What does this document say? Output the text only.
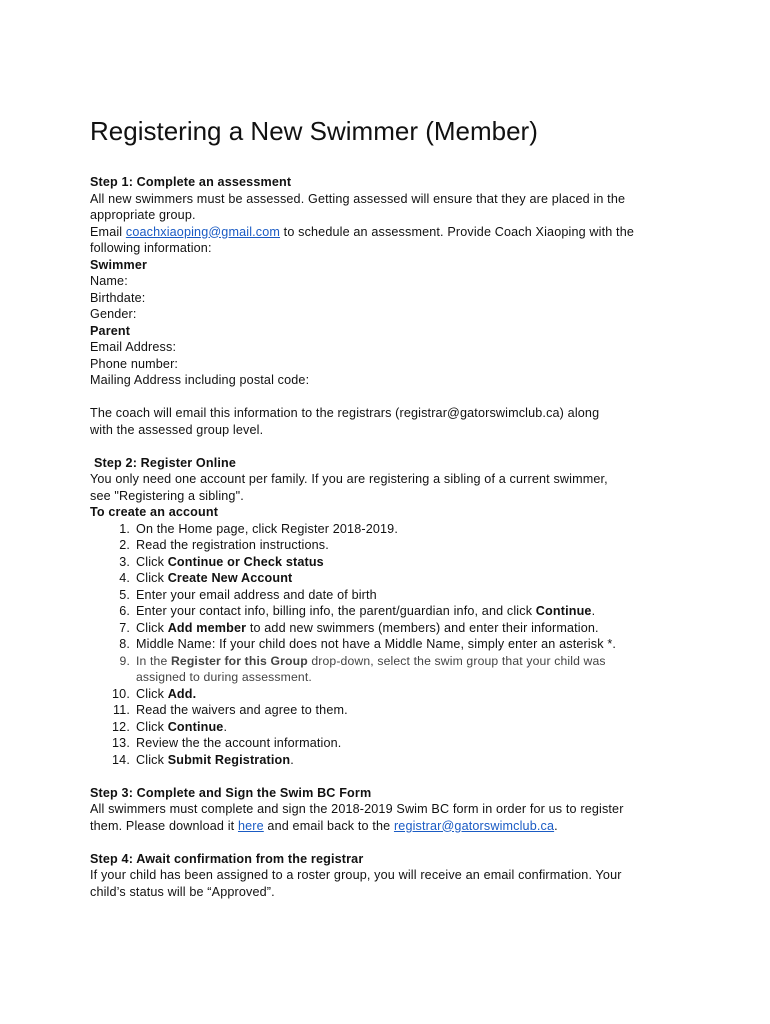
Registering a New Swimmer (Member)
Step 1: Complete an assessment
All new swimmers must be assessed. Getting assessed will ensure that they are placed in the
appropriate group.
Email coachxiaoping@gmail.com to schedule an assessment. Provide Coach Xiaoping with the
following information:
Swimmer
Name:
Birthdate:
Gender:
Parent
Email Address:
Phone number:
Mailing Address including postal code:
The coach will email this information to the registrars (registrar@gatorswimclub.ca) along
with the assessed group level.
Step 2: Register Online
You only need one account per family. If you are registering a sibling of a current swimmer,
see "Registering a sibling".
To create an account
1. On the Home page, click Register 2018-2019.
2. Read the registration instructions.
3. Click Continue or Check status
4. Click Create New Account
5. Enter your email address and date of birth
6. Enter your contact info, billing info, the parent/guardian info, and click Continue.
7. Click Add member to add new swimmers (members) and enter their information.
8. Middle Name: If your child does not have a Middle Name, simply enter an asterisk *.
9. In the Register for this Group drop-down, select the swim group that your child was
assigned to during assessment.
10. Click Add.
11. Read the waivers and agree to them.
12. Click Continue.
13. Review the the account information.
14. Click Submit Registration.
Step 3: Complete and Sign the Swim BC Form
All swimmers must complete and sign the 2018-2019 Swim BC form in order for us to register
them. Please download it here and email back to the registrar@gatorswimclub.ca.
Step 4: Await confirmation from the registrar
If your child has been assigned to a roster group, you will receive an email confirmation. Your
child’s status will be “Approved”.
